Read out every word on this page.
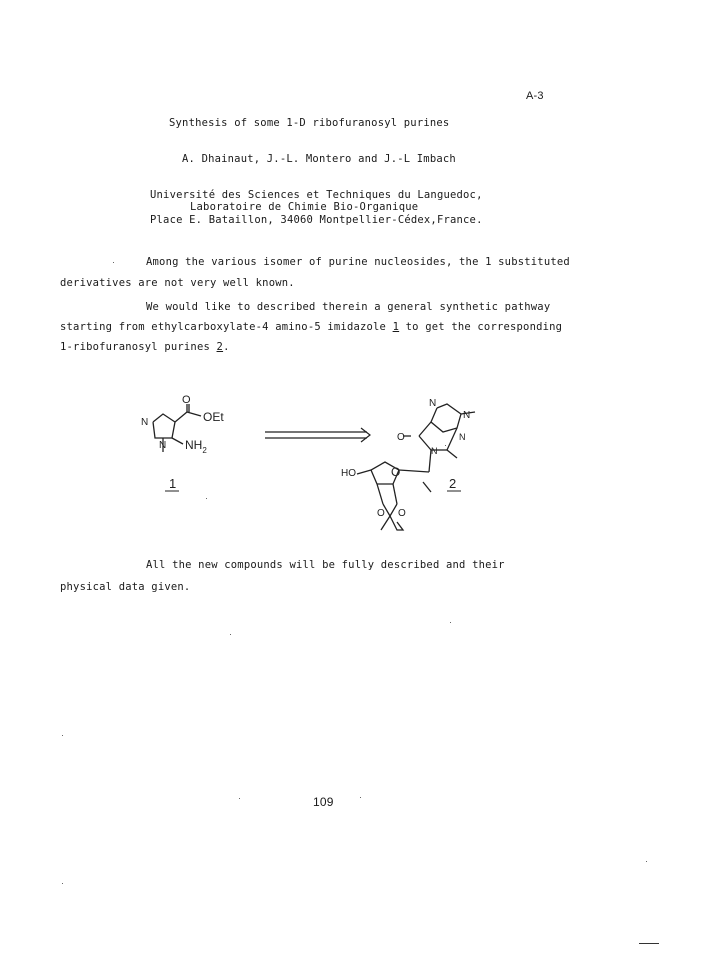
A-3
Synthesis of some 1-D ribofuranosyl purines
A. Dhainaut, J.-L. Montero and J.-L Imbach
Université des Sciences et Techniques du Languedoc,
Laboratoire de Chimie Bio-Organique
Place E. Bataillon, 34060 Montpellier-Cédex,France.
Among the various isomer of purine nucleosides, the 1 substituted
derivatives are not very well known.
We would like to described therein a general synthetic pathway
starting from ethylcarboxylate-4 amino-5 imidazole 1 to get the corresponding
1-ribofuranosyl purines 2.
O
OEt
N
$NH_2$
N
1
N
N
O	N
N
HO	O
O O
2
All the new compounds will be fully described and their
physical data given.
109
